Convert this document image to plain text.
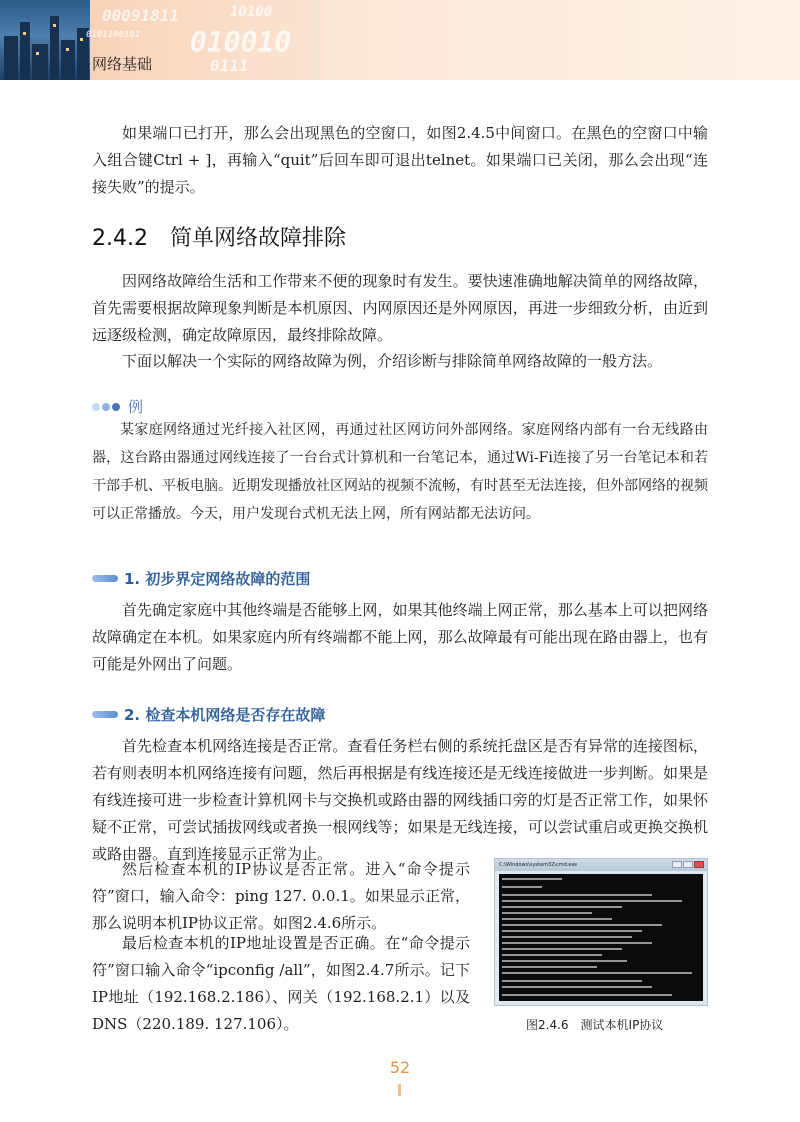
00091811
0101100101 010010
10100
0111
网络基础

如果端口已打开，那么会出现黑色的空窗口，如图2.4.5中间窗口。在黑色的空窗口中输入组合键Ctrl + ]，再输入“quit”后回车即可退出telnet。如果端口已关闭，那么会出现“连接失败”的提示。

2.4.2 简单网络故障排除

因网络故障给生活和工作带来不便的现象时有发生。要快速准确地解决简单的网络故障，首先需要根据故障现象判断是本机原因、内网原因还是外网原因，再进一步细致分析，由近到远逐级检测，确定故障原因，最终排除故障。

下面以解决一个实际的网络故障为例，介绍诊断与排除简单网络故障的一般方法。

例

某家庭网络通过光纤接入社区网，再通过社区网访问外部网络。家庭网络内部有一台无线路由器，这台路由器通过网线连接了一台台式计算机和一台笔记本，通过Wi-Fi连接了另一台笔记本和若干部手机、平板电脑。近期发现播放社区网站的视频不流畅，有时甚至无法连接，但外部网络的视频可以正常播放。今天，用户发现台式机无法上网，所有网站都无法访问。

1. 初步界定网络故障的范围

首先确定家庭中其他终端是否能够上网，如果其他终端上网正常，那么基本上可以把网络故障确定在本机。如果家庭内所有终端都不能上网，那么故障最有可能出现在路由器上，也有可能是外网出了问题。

2. 检查本机网络是否存在故障

首先检查本机网络连接是否正常。查看任务栏右侧的系统托盘区是否有异常的连接图标，若有则表明本机网络连接有问题，然后再根据是有线连接还是无线连接做进一步判断。如果是有线连接可进一步检查计算机网卡与交换机或路由器的网线插口旁的灯是否正常工作，如果怀疑不正常，可尝试插拔网线或者换一根网线等；如果是无线连接，可以尝试重启或更换交换机或路由器。直到连接显示正常为止。

然后检查本机的IP协议是否正常。进入“命令提示符”窗口，输入命令：ping 127. 0.0.1。如果显示正常，那么说明本机IP协议正常。如图2.4.6所示。

最后检查本机的IP地址设置是否正确。在“命令提示符”窗口输入命令“ipconfig /all”，如图2.4.7所示。记下IP地址（192.168.2.186）、网关（192.168.2.1）以及DNS（220.189. 127.106）。

C:\Windows\system32\cmd.exe
图2.4.6　测试本机IP协议
52
